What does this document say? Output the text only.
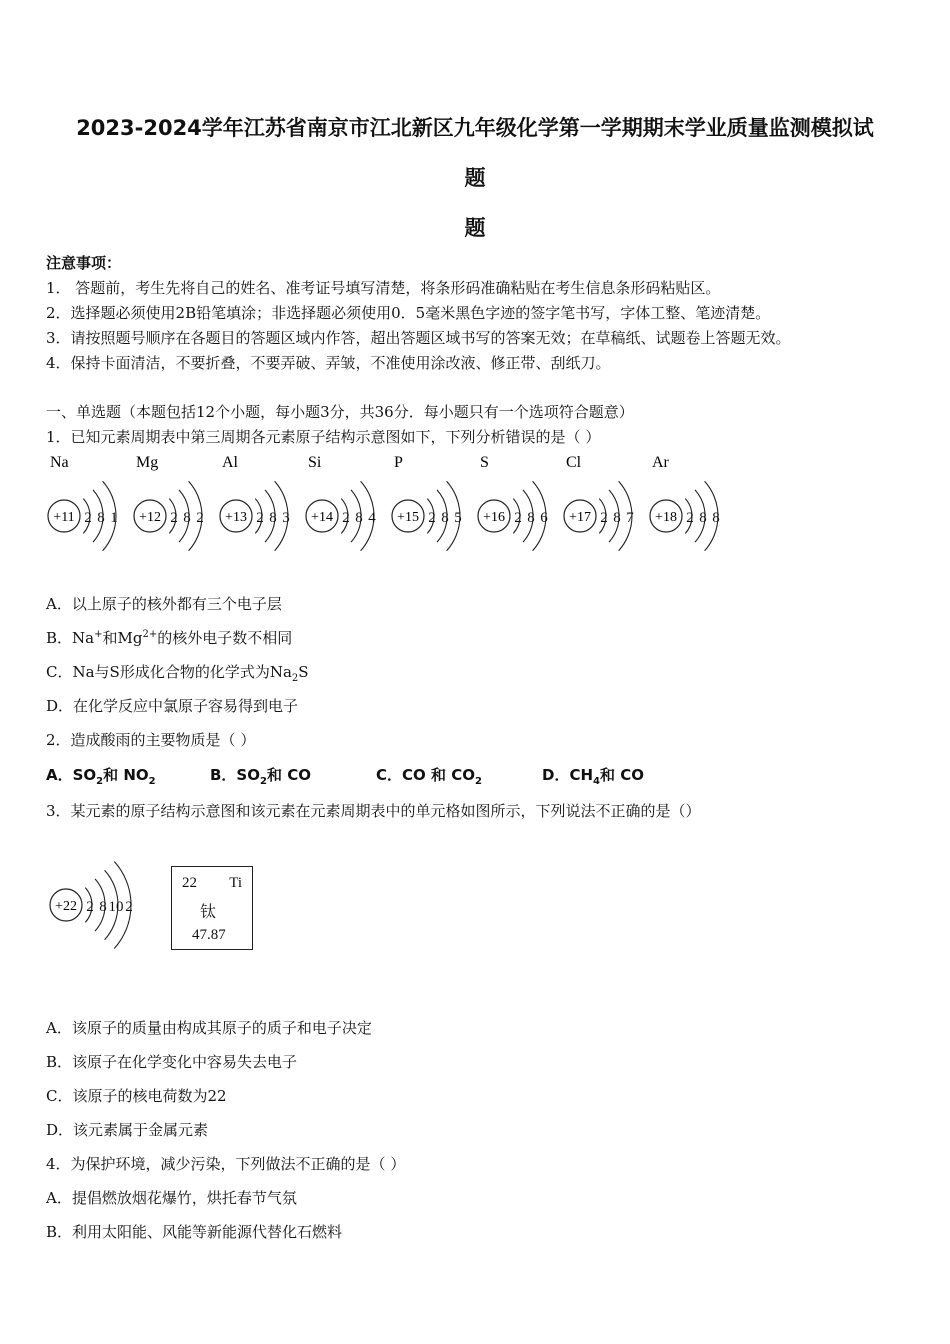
2023-2024学年江苏省南京市江北新区九年级化学第一学期期末学业质量监测模拟试
题
题
注意事项：
1． 答题前，考生先将自己的姓名、准考证号填写清楚，将条形码准确粘贴在考生信息条形码粘贴区。
2．选择题必须使用2B铅笔填涂；非选择题必须使用0．5毫米黑色字迹的签字笔书写，字体工整、笔迹清楚。
3．请按照题号顺序在各题目的答题区域内作答，超出答题区域书写的答案无效；在草稿纸、试题卷上答题无效。
4．保持卡面清洁，不要折叠，不要弄破、弄皱，不准使用涂改液、修正带、刮纸刀。
一、单选题（本题包括12个小题，每小题3分，共36分．每小题只有一个选项符合题意）
1．已知元素周期表中第三周期各元素原子结构示意图如下，下列分析错误的是（ ）
Na
+11 2 8 1
Mg
+12 2 8 2
Al
+13 2 8 3
Si
+14 2 8 4
P
+15 2 8 5
S
+16 2 8 6
Cl
+17 2 8 7
Ar
+18 2 8 8
A．以上原子的核外都有三个电子层
B．Na+和$Mg^{2+}$的核外电子数不相同
C．Na与S形成化合物的化学式为$Na_2S$
D．在化学反应中氯原子容易得到电子
2．造成酸雨的主要物质是（ ）
A．$SO_2$和 $NO_2$	B．$SO_2$和 CO	C．CO 和 $CO_2$	D．$CH_4$和 CO
3．某元素的原子结构示意图和该元素在元素周期表中的单元格如图所示，下列说法不正确的是（）
+22 2 8 10 2
22 Ti
钛
47.87
A．该原子的质量由构成其原子的质子和电子决定
B．该原子在化学变化中容易失去电子
C．该原子的核电荷数为22
D．该元素属于金属元素
4．为保护环境，减少污染，下列做法不正确的是（ ）
A．提倡燃放烟花爆竹，烘托春节气氛
B．利用太阳能、风能等新能源代替化石燃料
